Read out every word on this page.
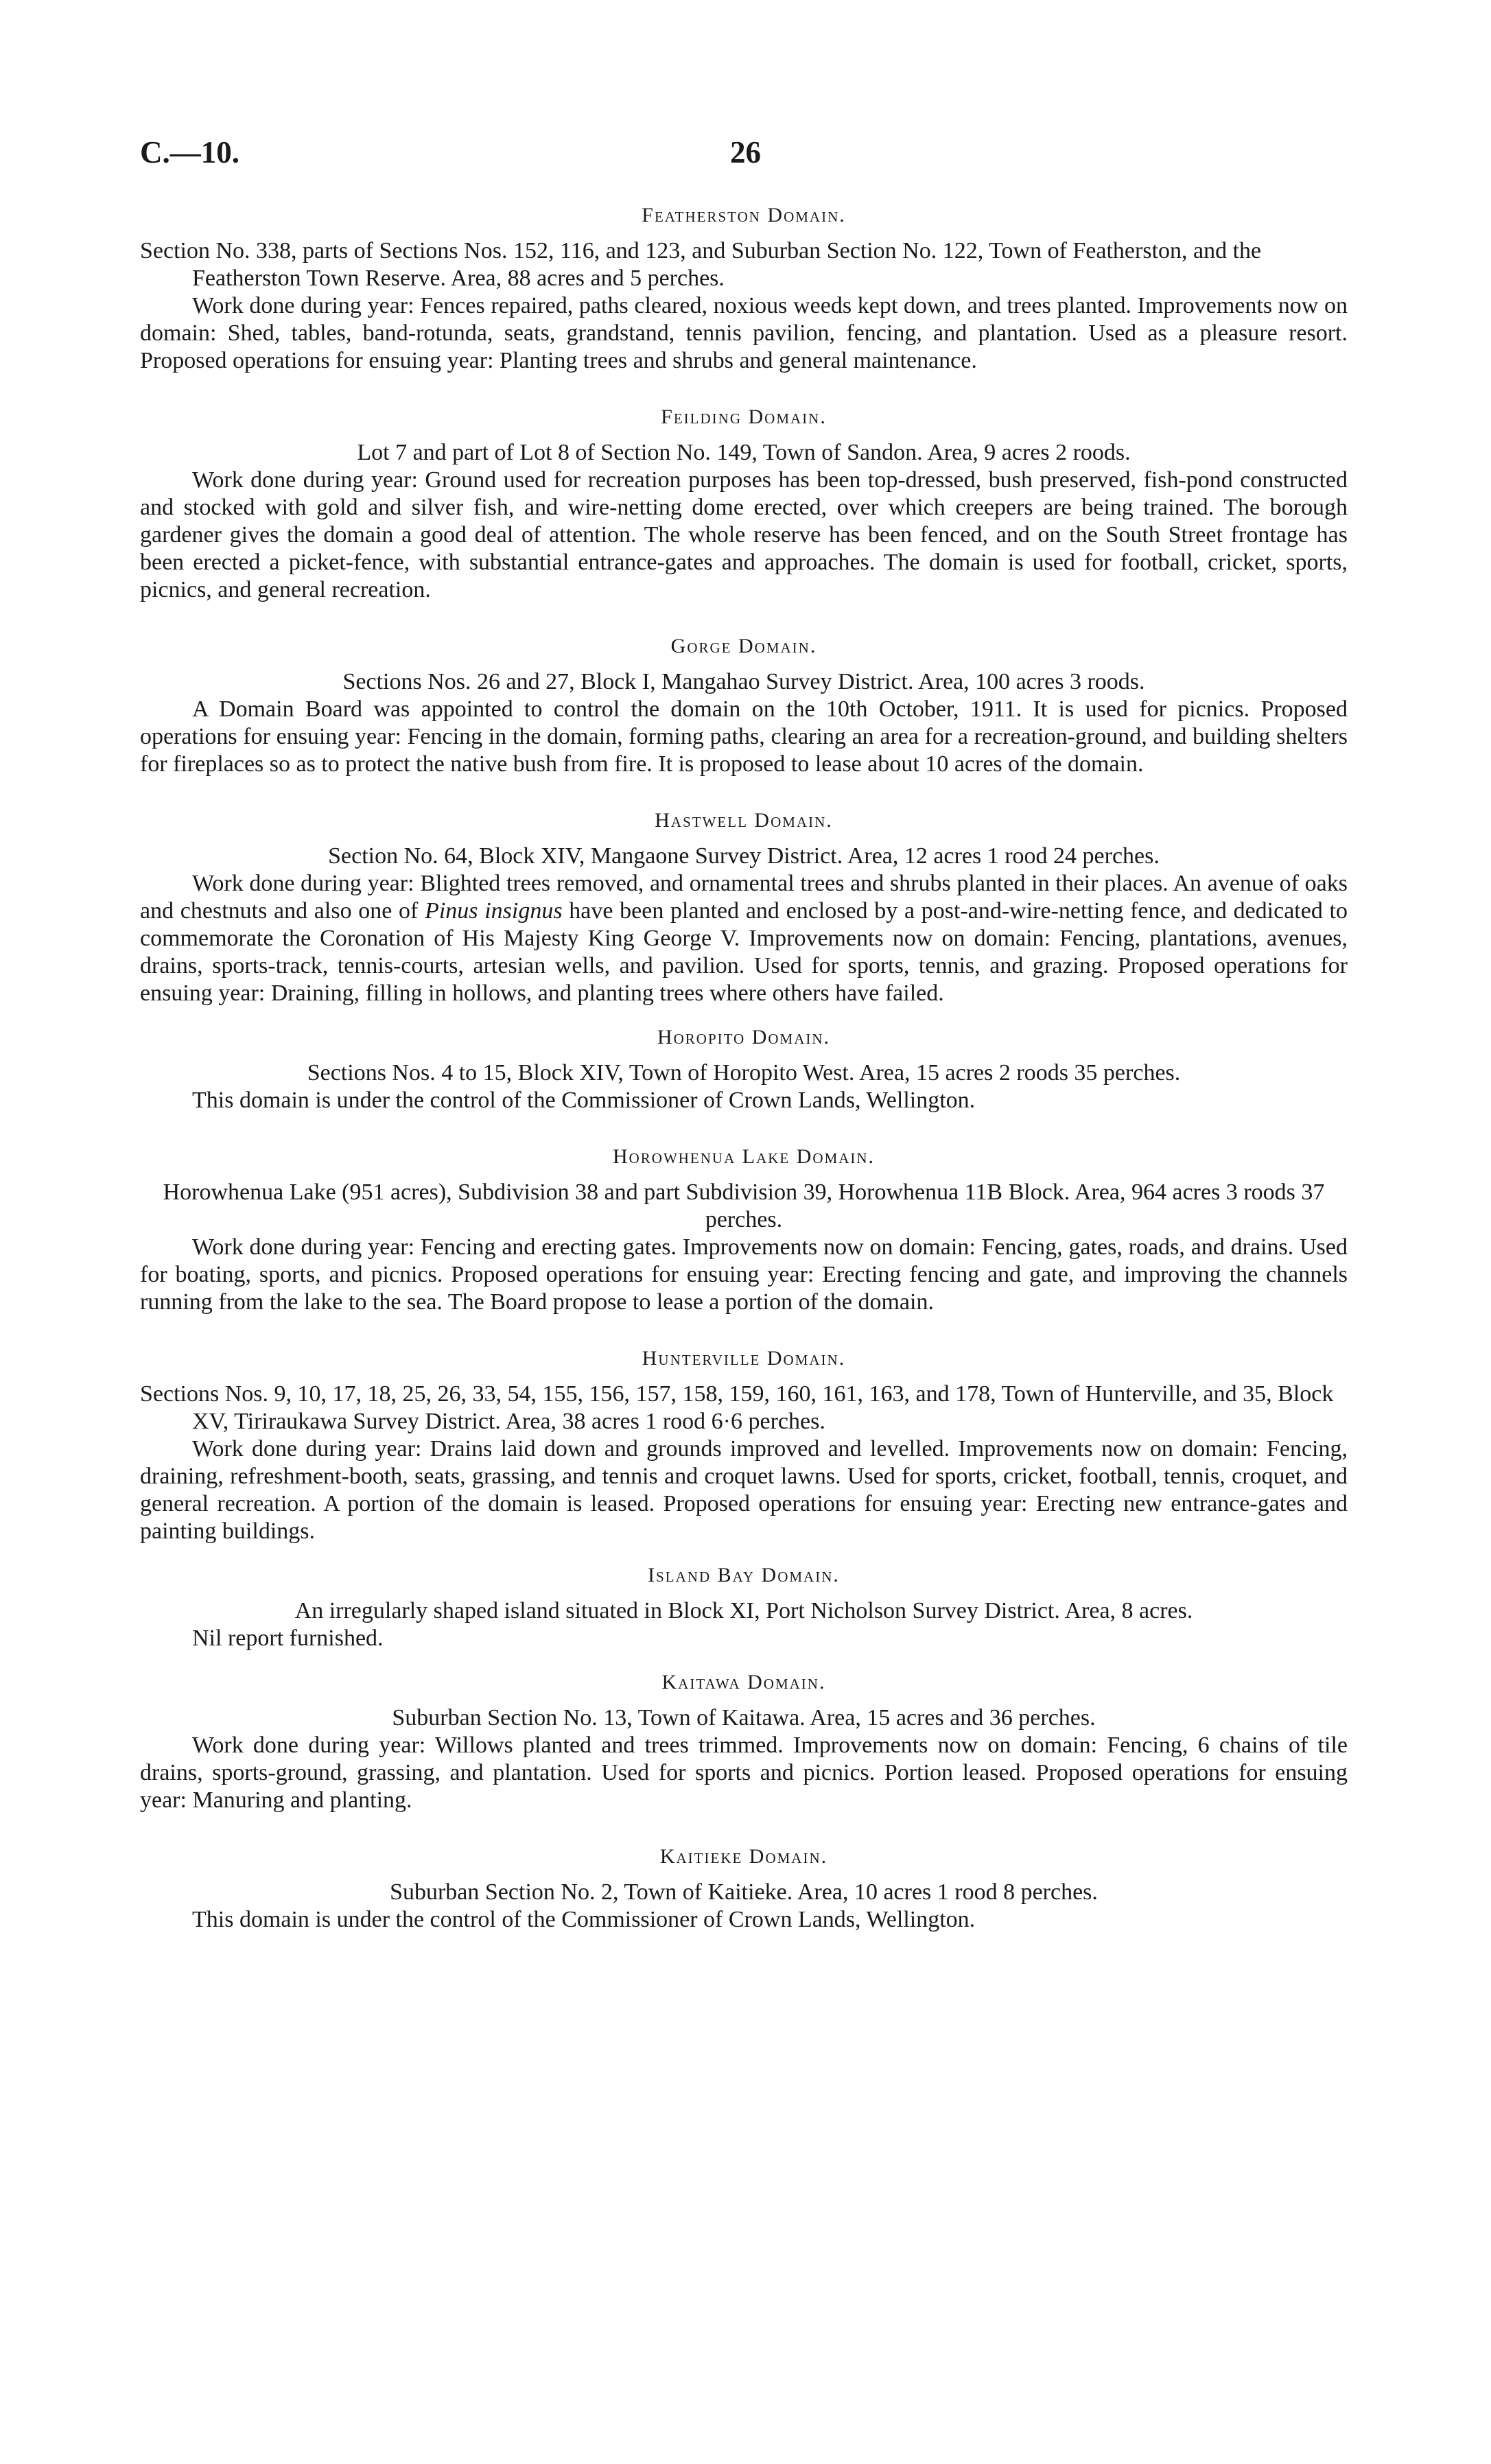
C.—10.	26
Featherston Domain.

Section No. 338, parts of Sections Nos. 152, 116, and 123, and Suburban Section No. 122, Town of Featherston, and the Featherston Town Reserve. Area, 88 acres and 5 perches.

Work done during year: Fences repaired, paths cleared, noxious weeds kept down, and trees planted. Improvements now on domain: Shed, tables, band-rotunda, seats, grandstand, tennis pavilion, fencing, and plantation. Used as a pleasure resort. Proposed operations for ensuing year: Planting trees and shrubs and general maintenance.

Feilding Domain.

Lot 7 and part of Lot 8 of Section No. 149, Town of Sandon. Area, 9 acres 2 roods.

Work done during year: Ground used for recreation purposes has been top-dressed, bush preserved, fish-pond constructed and stocked with gold and silver fish, and wire-netting dome erected, over which creepers are being trained. The borough gardener gives the domain a good deal of attention. The whole reserve has been fenced, and on the South Street frontage has been erected a picket-fence, with substantial entrance-gates and approaches. The domain is used for football, cricket, sports, picnics, and general recreation.

Gorge Domain.

Sections Nos. 26 and 27, Block I, Mangahao Survey District. Area, 100 acres 3 roods.

A Domain Board was appointed to control the domain on the 10th October, 1911. It is used for picnics. Proposed operations for ensuing year: Fencing in the domain, forming paths, clearing an area for a recreation-ground, and building shelters for fireplaces so as to protect the native bush from fire. It is proposed to lease about 10 acres of the domain.

Hastwell Domain.

Section No. 64, Block XIV, Mangaone Survey District. Area, 12 acres 1 rood 24 perches.

Work done during year: Blighted trees removed, and ornamental trees and shrubs planted in their places. An avenue of oaks and chestnuts and also one of Pinus insignus have been planted and enclosed by a post-and-wire-netting fence, and dedicated to commemorate the Coronation of His Majesty King George V. Improvements now on domain: Fencing, plantations, avenues, drains, sports-track, tennis-courts, artesian wells, and pavilion. Used for sports, tennis, and grazing. Proposed operations for ensuing year: Draining, filling in hollows, and planting trees where others have failed.

Horopito Domain.

Sections Nos. 4 to 15, Block XIV, Town of Horopito West. Area, 15 acres 2 roods 35 perches.

This domain is under the control of the Commissioner of Crown Lands, Wellington.

Horowhenua Lake Domain.

Horowhenua Lake (951 acres), Subdivision 38 and part Subdivision 39, Horowhenua 11B Block. Area, 964 acres 3 roods 37 perches.

Work done during year: Fencing and erecting gates. Improvements now on domain: Fencing, gates, roads, and drains. Used for boating, sports, and picnics. Proposed operations for ensuing year: Erecting fencing and gate, and improving the channels running from the lake to the sea. The Board propose to lease a portion of the domain.

Hunterville Domain.

Sections Nos. 9, 10, 17, 18, 25, 26, 33, 54, 155, 156, 157, 158, 159, 160, 161, 163, and 178, Town of Hunterville, and 35, Block XV, Tiriraukawa Survey District. Area, 38 acres 1 rood 6·6 perches.

Work done during year: Drains laid down and grounds improved and levelled. Improvements now on domain: Fencing, draining, refreshment-booth, seats, grassing, and tennis and croquet lawns. Used for sports, cricket, football, tennis, croquet, and general recreation. A portion of the domain is leased. Proposed operations for ensuing year: Erecting new entrance-gates and painting buildings.

Island Bay Domain.

An irregularly shaped island situated in Block XI, Port Nicholson Survey District. Area, 8 acres.

Nil report furnished.

Kaitawa Domain.

Suburban Section No. 13, Town of Kaitawa. Area, 15 acres and 36 perches.

Work done during year: Willows planted and trees trimmed. Improvements now on domain: Fencing, 6 chains of tile drains, sports-ground, grassing, and plantation. Used for sports and picnics. Portion leased. Proposed operations for ensuing year: Manuring and planting.

Kaitieke Domain.

Suburban Section No. 2, Town of Kaitieke. Area, 10 acres 1 rood 8 perches.

This domain is under the control of the Commissioner of Crown Lands, Wellington.
